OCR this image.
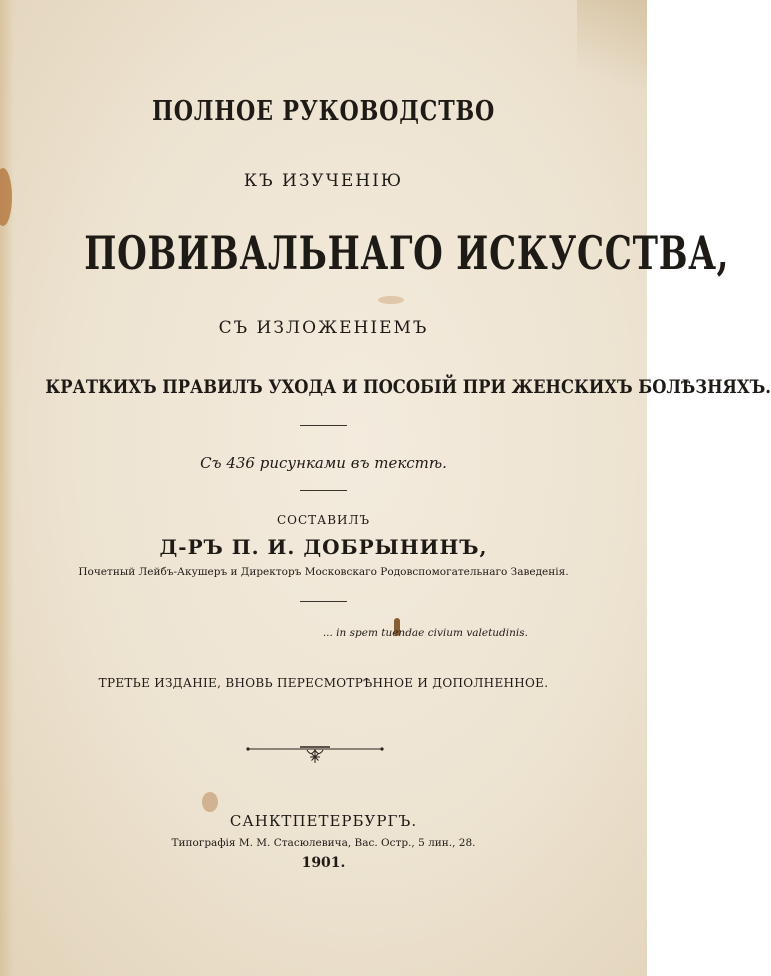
ПОЛНОЕ РУКОВОДСТВО

КЪ ИЗУЧЕНІЮ

ПОВИВАЛЬНАГО ИСКУССТВА,

СЪ ИЗЛОЖЕНІЕМЪ

КРАТКИХЪ ПРАВИЛЪ УХОДА И ПОСОБІЙ ПРИ ЖЕНСКИХЪ БОЛѢЗНЯХЪ.

Съ 436 рисунками въ текстѣ.

СОСТАВИЛЪ

Д-РЪ П. И. ДОБРЫНИНЪ,

Почетный Лейбъ-Акушеръ и Директоръ Московскаго Родовспомогательнаго Заведенія.

... in spem tuendae civium valetudinis.

ТРЕТЬЕ ИЗДАНІЕ, ВНОВЬ ПЕРЕСМОТРѢННОЕ И ДОПОЛНЕННОЕ.

САНКТПЕТЕРБУРГЪ.

Типографія М. М. Стасюлевича, Вас. Остр., 5 лин., 28.

1901.
